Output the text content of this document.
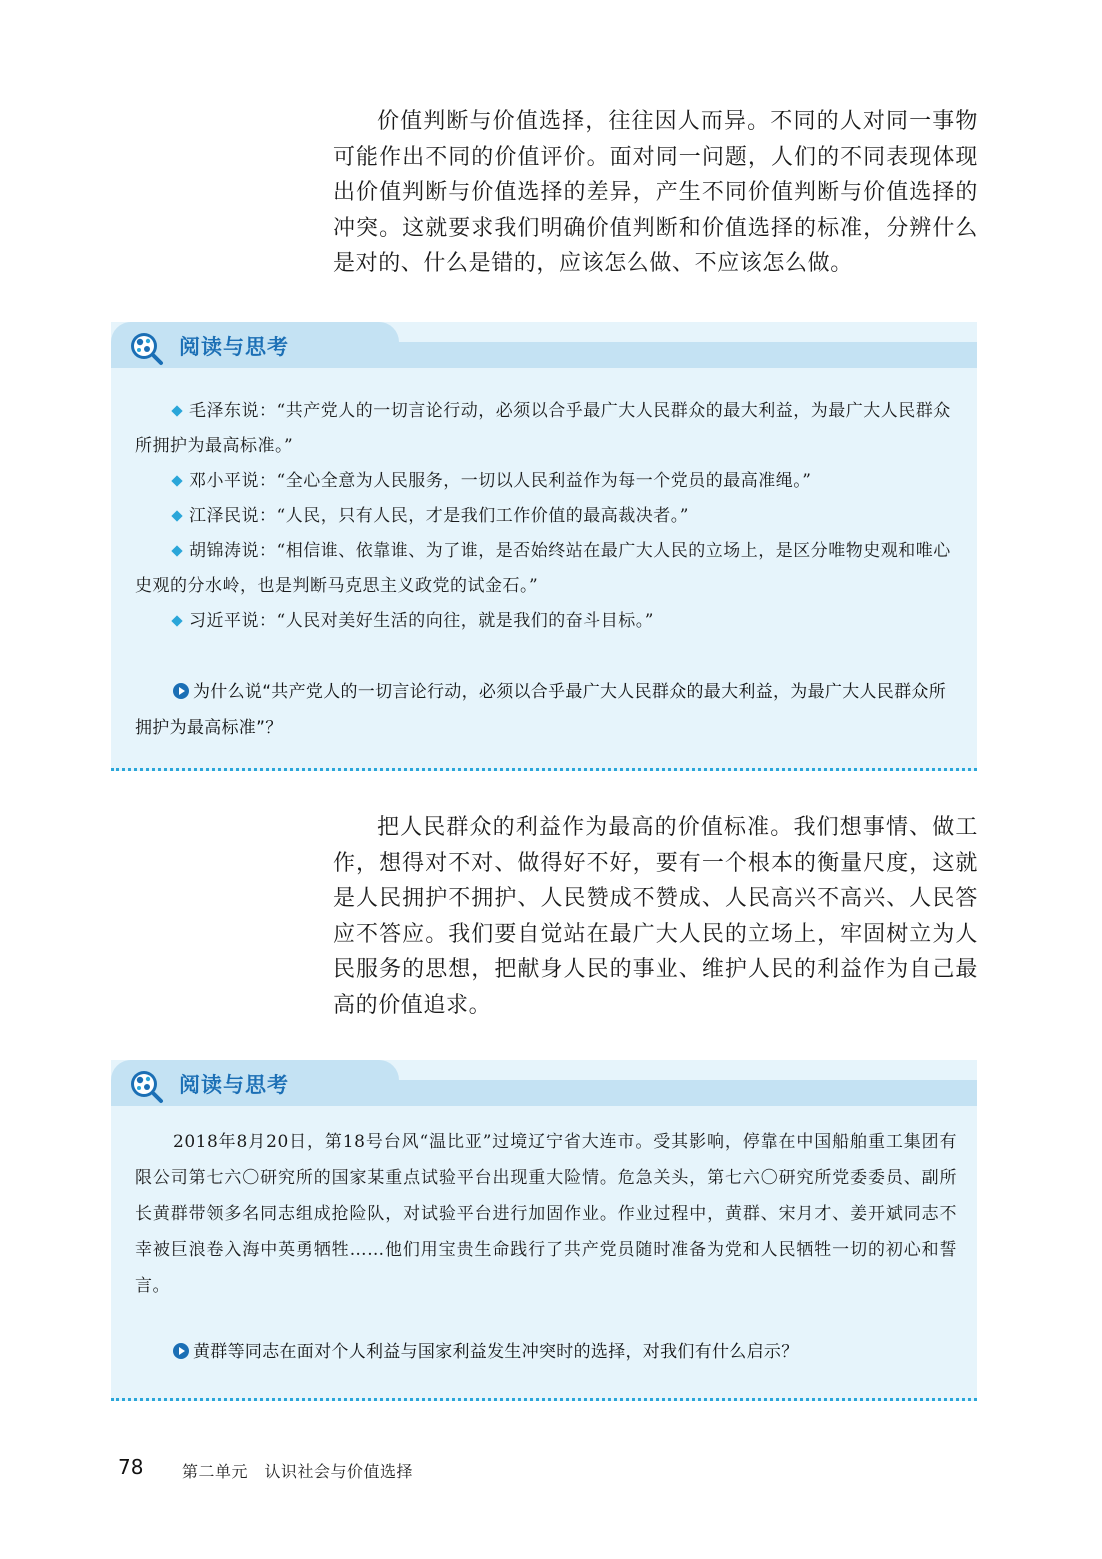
价值判断与价值选择，往往因人而异。不同的人对同一事物可能作出不同的价值评价。面对同一问题，人们的不同表现体现出价值判断与价值选择的差异，产生不同价值判断与价值选择的冲突。这就要求我们明确价值判断和价值选择的标准，分辨什么是对的、什么是错的，应该怎么做、不应该怎么做。

阅读与思考

毛泽东说：“共产党人的一切言论行动，必须以合乎最广大人民群众的最大利益，为最广大人民群众所拥护为最高标准。”

邓小平说：“全心全意为人民服务，一切以人民利益作为每一个党员的最高准绳。”

江泽民说：“人民，只有人民，才是我们工作价值的最高裁决者。”

胡锦涛说：“相信谁、依靠谁、为了谁，是否始终站在最广大人民的立场上，是区分唯物史观和唯心史观的分水岭，也是判断马克思主义政党的试金石。”

习近平说：“人民对美好生活的向往，就是我们的奋斗目标。”

为什么说“共产党人的一切言论行动，必须以合乎最广大人民群众的最大利益，为最广大人民群众所拥护为最高标准”？

把人民群众的利益作为最高的价值标准。我们想事情、做工作，想得对不对、做得好不好，要有一个根本的衡量尺度，这就是人民拥护不拥护、人民赞成不赞成、人民高兴不高兴、人民答应不答应。我们要自觉站在最广大人民的立场上，牢固树立为人民服务的思想，把献身人民的事业、维护人民的利益作为自己最高的价值追求。

阅读与思考

2018年8月20日，第18号台风“温比亚”过境辽宁省大连市。受其影响，停靠在中国船舶重工集团有限公司第七六〇研究所的国家某重点试验平台出现重大险情。危急关头，第七六〇研究所党委委员、副所长黄群带领多名同志组成抢险队，对试验平台进行加固作业。作业过程中，黄群、宋月才、姜开斌同志不幸被巨浪卷入海中英勇牺牲……他们用宝贵生命践行了共产党员随时准备为党和人民牺牲一切的初心和誓言。

黄群等同志在面对个人利益与国家利益发生冲突时的选择，对我们有什么启示？

78 第二单元　认识社会与价值选择
